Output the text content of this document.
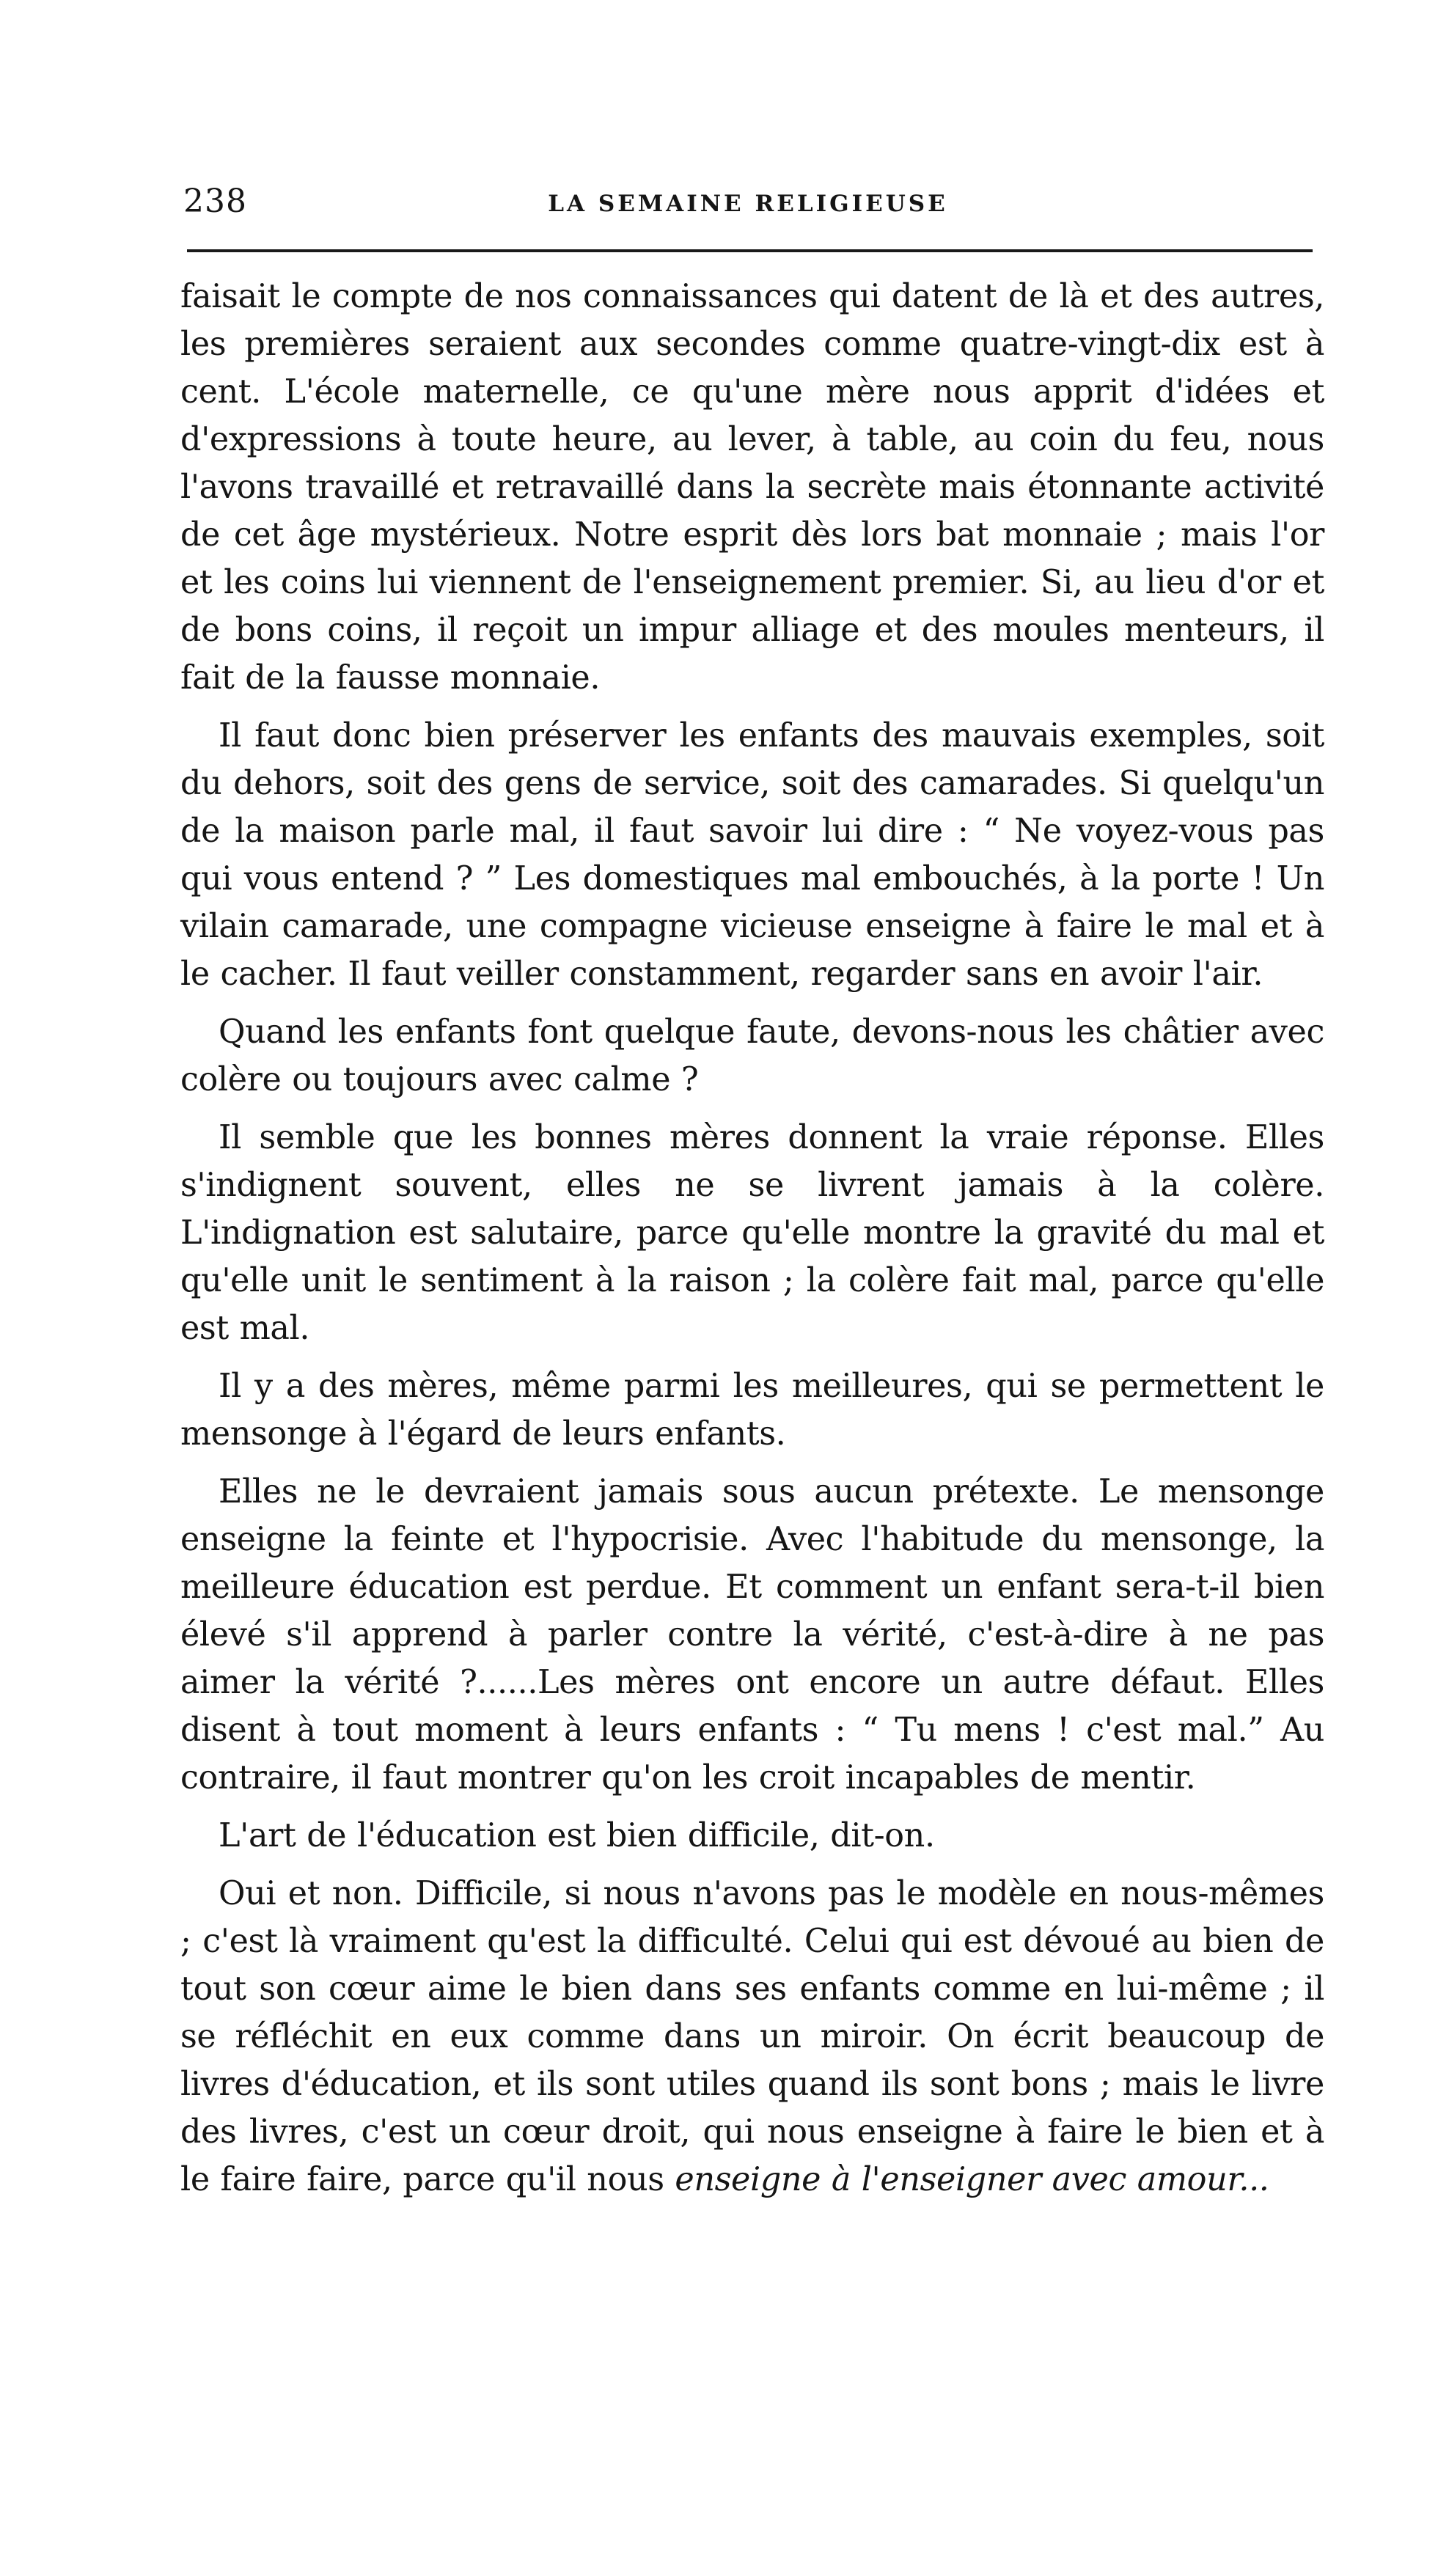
238	LA SEMAINE RELIGIEUSE

faisait le compte de nos connaissances qui datent de là et des autres, les premières seraient aux secondes comme quatre-vingt-dix est à cent. L'école maternelle, ce qu'une mère nous apprit d'idées et d'expressions à toute heure, au lever, à table, au coin du feu, nous l'avons travaillé et retravaillé dans la secrète mais étonnante activité de cet âge mystérieux. Notre esprit dès lors bat monnaie ; mais l'or et les coins lui viennent de l'enseignement premier. Si, au lieu d'or et de bons coins, il reçoit un impur alliage et des moules menteurs, il fait de la fausse monnaie.

Il faut donc bien préserver les enfants des mauvais exemples, soit du dehors, soit des gens de service, soit des camarades. Si quelqu'un de la maison parle mal, il faut savoir lui dire : “ Ne voyez-vous pas qui vous entend ? ” Les domestiques mal embouchés, à la porte ! Un vilain camarade, une compagne vicieuse enseigne à faire le mal et à le cacher. Il faut veiller constamment, regarder sans en avoir l'air.

Quand les enfants font quelque faute, devons-nous les châtier avec colère ou toujours avec calme ?

Il semble que les bonnes mères donnent la vraie réponse. Elles s'indignent souvent, elles ne se livrent jamais à la colère. L'indignation est salutaire, parce qu'elle montre la gravité du mal et qu'elle unit le sentiment à la raison ; la colère fait mal, parce qu'elle est mal.

Il y a des mères, même parmi les meilleures, qui se permettent le mensonge à l'égard de leurs enfants.

Elles ne le devraient jamais sous aucun prétexte. Le mensonge enseigne la feinte et l'hypocrisie. Avec l'habitude du mensonge, la meilleure éducation est perdue. Et comment un enfant sera-t-il bien élevé s'il apprend à parler contre la vérité, c'est-à-dire à ne pas aimer la vérité ?......Les mères ont encore un autre défaut. Elles disent à tout moment à leurs enfants : “ Tu mens ! c'est mal.” Au contraire, il faut montrer qu'on les croit incapables de mentir.

L'art de l'éducation est bien difficile, dit-on.

Oui et non. Difficile, si nous n'avons pas le modèle en nous-mêmes ; c'est là vraiment qu'est la difficulté. Celui qui est dévoué au bien de tout son cœur aime le bien dans ses enfants comme en lui-même ; il se réfléchit en eux comme dans un miroir. On écrit beaucoup de livres d'éducation, et ils sont utiles quand ils sont bons ; mais le livre des livres, c'est un cœur droit, qui nous enseigne à faire le bien et à le faire faire, parce qu'il nous enseigne à l'enseigner avec amour...
